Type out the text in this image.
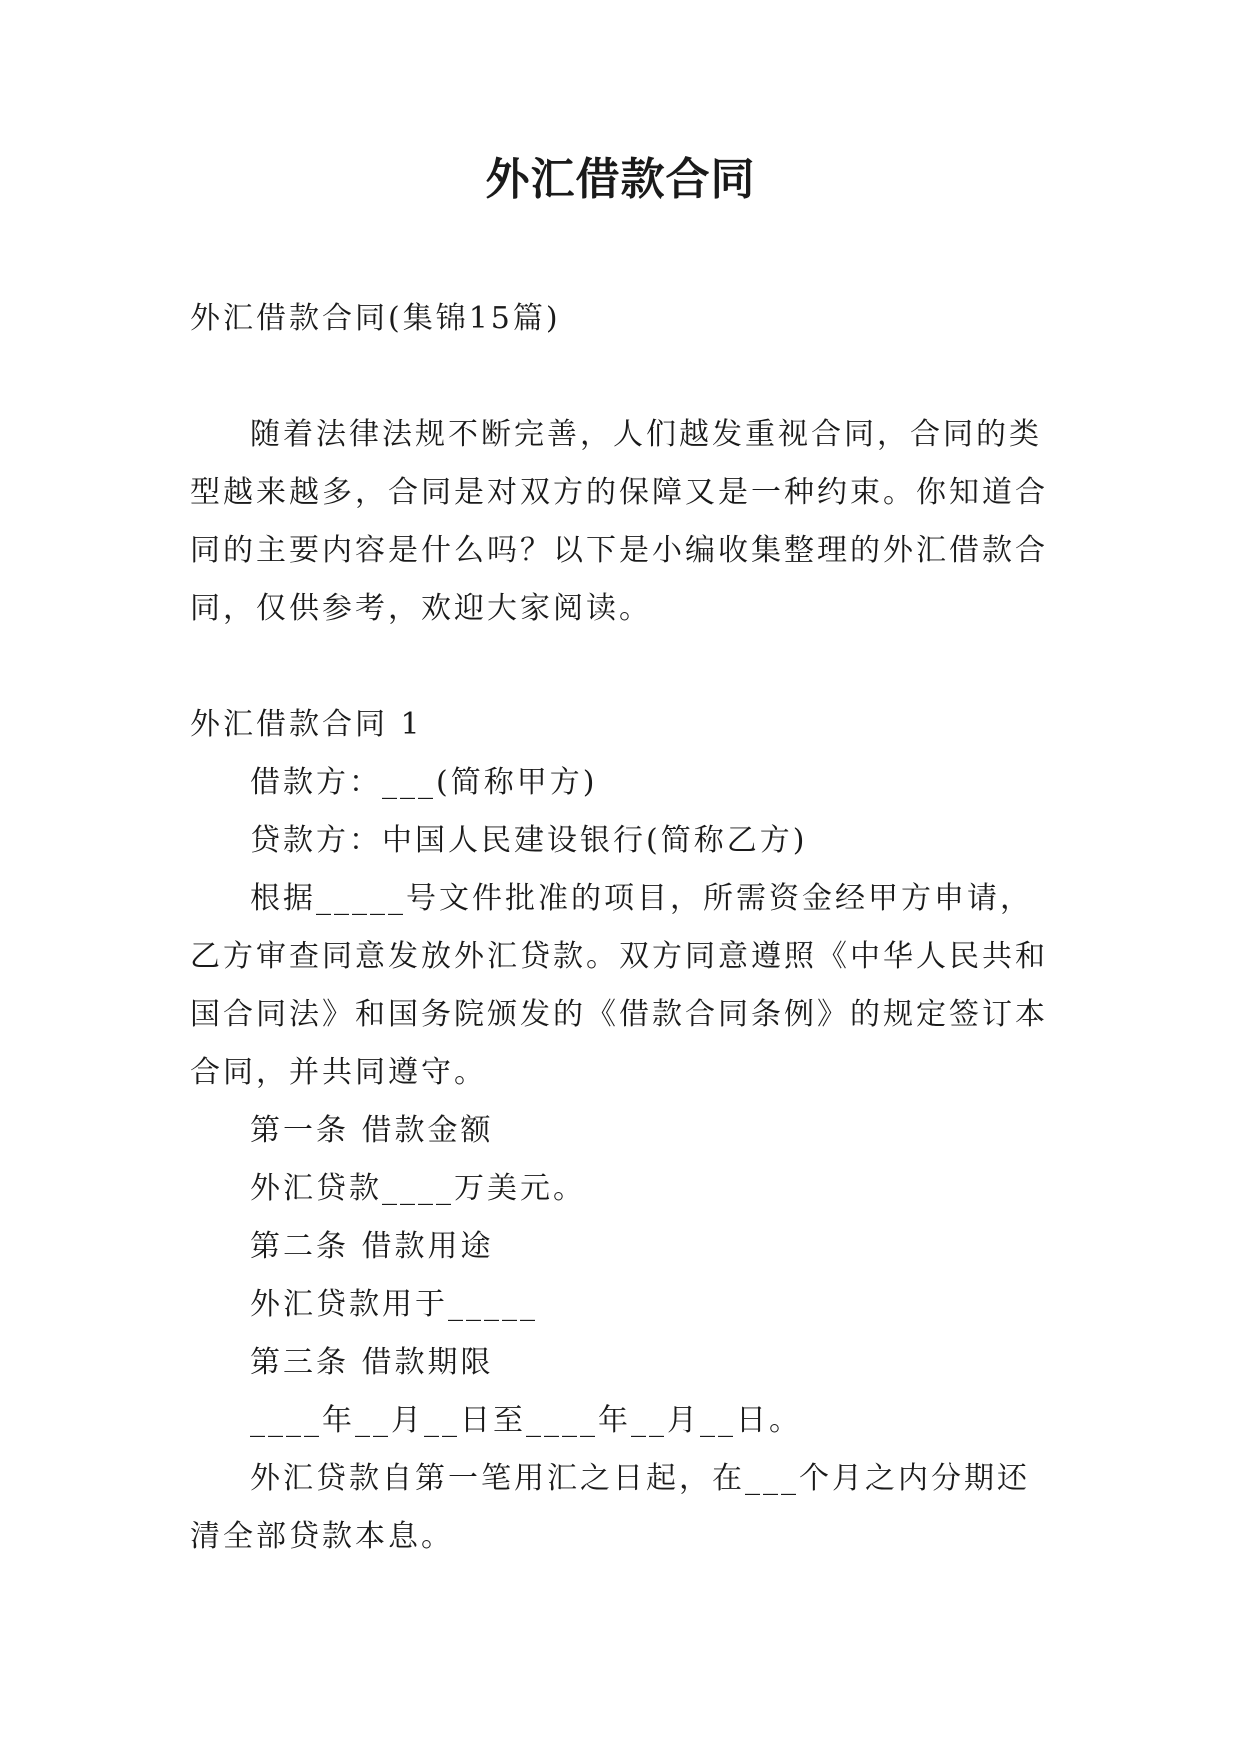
外汇借款合同

外汇借款合同(集锦15篇)

随着法律法规不断完善，人们越发重视合同，合同的类型越来越多，合同是对双方的保障又是一种约束。你知道合同的主要内容是什么吗？以下是小编收集整理的外汇借款合同，仅供参考，欢迎大家阅读。

外汇借款合同 1

借款方：___(简称甲方)

贷款方：中国人民建设银行(简称乙方)

根据_____号文件批准的项目，所需资金经甲方申请，乙方审查同意发放外汇贷款。双方同意遵照《中华人民共和国合同法》和国务院颁发的《借款合同条例》的规定签订本合同，并共同遵守。

第一条 借款金额

外汇贷款____万美元。

第二条 借款用途

外汇贷款用于_____

第三条 借款期限

____年__月__日至____年__月__日。

外汇贷款自第一笔用汇之日起，在___个月之内分期还清全部贷款本息。
